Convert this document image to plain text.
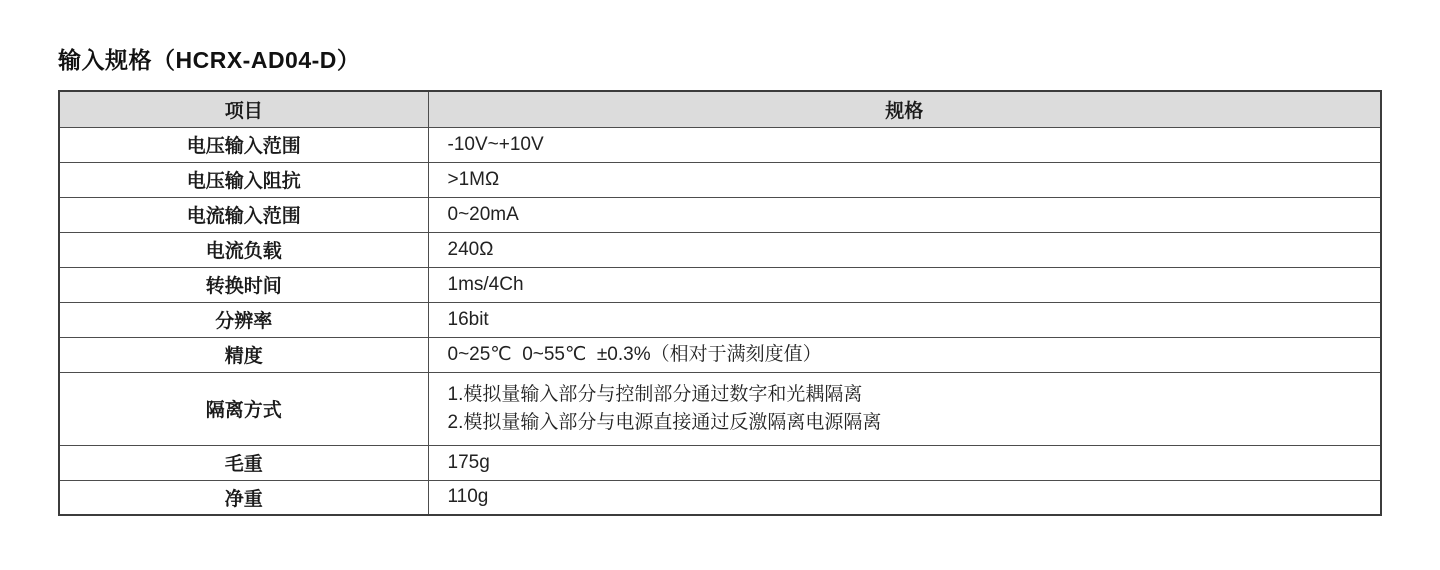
输入规格（HCRX-AD04-D）
项目	规格
电压输入范围	-10V~+10V

电压输入阻抗	>1MΩ

电流输入范围	0~20mA

电流负载	240Ω

转换时间	1ms/4Ch

分辨率	16bit

精度	0~25℃  0~55℃  ±0.3%（相对于满刻度值）

隔离方式	1.模拟量输入部分与控制部分通过数字和光耦隔离
2.模拟量输入部分与电源直接通过反激隔离电源隔离

毛重	175g

净重	110g
